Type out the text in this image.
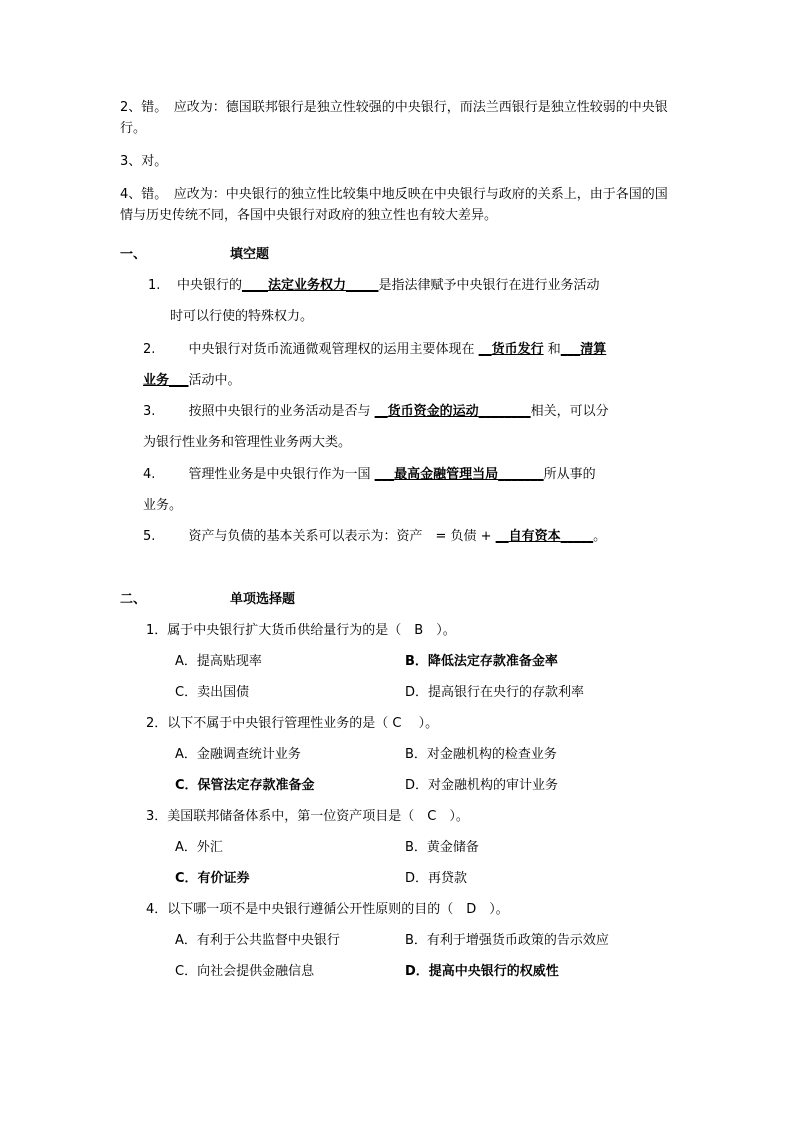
2、错。　应改为：德国联邦银行是独立性较强的中央银行，而法兰西银行是独立性较弱的中央银行。

3、对。

4、错。　应改为：中央银行的独立性比较集中地反映在中央银行与政府的关系上，由于各国的国情与历史传统不同，各国中央银行对政府的独立性也有较大差异。

一、	填空题
1. 中央银行的____法定业务权力_____是指法律赋予中央银行在进行业务活动
时可以行使的特殊权力。
2.	中央银行对货币流通微观管理权的运用主要体现在 __货币发行 和___清算
业务___活动中。
3.	按照中央银行的业务活动是否与 __货币资金的运动________相关，可以分
为银行性业务和管理性业务两大类。
4.	管理性业务是中央银行作为一国 ___最高金融管理当局_______所从事的
业务。
5.	资产与负债的基本关系可以表示为：资产　= 负债 + __自有资本_____。
二、	单项选择题
1．属于中央银行扩大货币供给量行为的是（　B　）。
A．提高贴现率	B．降低法定存款准备金率
C．卖出国债	D．提高银行在央行的存款利率
2．以下不属于中央银行管理性业务的是（ C　 ）。
A．金融调查统计业务	B．对金融机构的检查业务
C．保管法定存款准备金	D．对金融机构的审计业务
3．美国联邦储备体系中，第一位资产项目是（　C　）。
A．外汇	B．黄金储备
C．有价证券	D．再贷款
4．以下哪一项不是中央银行遵循公开性原则的目的（　D　）。
A．有利于公共监督中央银行	B．有利于增强货币政策的告示效应
C．向社会提供金融信息	D．提高中央银行的权威性
